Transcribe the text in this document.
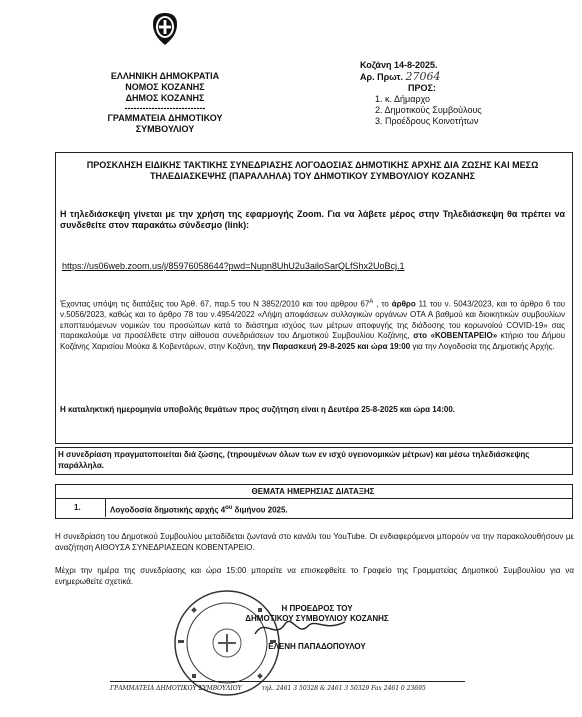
ΕΛΛΗΝΙΚΗ ΔΗΜΟΚΡΑΤΙΑ
ΝΟΜΟΣ ΚΟΖΑΝΗΣ
ΔΗΜΟΣ ΚΟΖΑΝΗΣ
---------------------------
ΓΡΑΜΜΑΤΕΙΑ ΔΗΜΟΤΙΚΟΥ
ΣΥΜΒΟΥΛΙΟΥ
Κοζάνη 14-8-2025.
Αρ. Πρωτ. 27064
ΠΡΟΣ:
1. κ. Δήμαρχο
2. Δημοτικούς Συμβούλους
3. Προέδρους Κοινοτήτων
ΠΡΟΣΚΛΗΣΗ ΕΙΔΙΚΗΣ ΤΑΚΤΙΚΗΣ ΣΥΝΕΔΡΙΑΣΗΣ ΛΟΓΟΔΟΣΙΑΣ ΔΗΜΟΤΙΚΗΣ ΑΡΧΗΣ ΔΙΑ ΖΩΣΗΣ ΚΑΙ ΜΕΣΩ ΤΗΛΕΔΙΑΣΚΕΨΗΣ (ΠΑΡΑΛΛΗΛΑ) ΤΟΥ ΔΗΜΟΤΙΚΟΥ ΣΥΜΒΟΥΛΙΟΥ ΚΟΖΑΝΗΣ
Η τηλεδιάσκεψη γίνεται με την χρήση της εφαρμογής Zoom. Για να λάβετε μέρος στην Τηλεδιάσκεψη θα πρέπει να συνδεθείτε στον παρακάτω σύνδεσμο (link):
https://us06web.zoom.us/j/85976058644?pwd=Nupn8UhU2u3ailoSarQLfShx2UoBcj.1
Έχοντας υπόψη τις διατάξεις του Άρθ. 67, παρ.5 του Ν 3852/2010 και του αρθρου $67^A$ , το άρθρο 11 του ν. 5043/2023, και το άρθρο 6 του ν.5056/2023, καθώς και το άρθρο 78 του ν.4954/2022 «Λήψη αποφάσεων συλλογικών οργάνων ΟΤΑ Α βαθμού και διοικητικών συμβουλίων εποπτευόμενων νομικών του προσώπων κατά το διάστημα ισχύος των μέτρων αποφυγής της διάδοσης του κορωνοϊού COVID-19» σας παρακαλούμε να προσέλθετε στην αίθουσα συνεδριάσεων του Δημοτικού Συμβουλίου Κοζάνης, στο «ΚΟΒΕΝΤΑΡΕΙΟ» κτήριο του Δήμου Κοζάνης Χαρισίου Μούκα & Κοβεντάρων, στην Κοζάνη, την Παρασκευή 29-8-2025 και ώρα 19:00 για την Λογοδοσία της Δημοτικής Αρχής.
Η καταληκτική ημερομηνία υποβολής θεμάτων προς συζήτηση είναι η Δευτέρα 25-8-2025 και ώρα 14:00.
Η συνεδρίαση πραγματοποιείται διά ζώσης, (τηρουμένων όλων των εν ισχύ υγειονομικών μέτρων) και μέσω τηλεδιάσκεψης παράλληλα.
ΘΕΜΑΤΑ ΗΜΕΡΗΣΙΑΣ ΔΙΑΤΑΞΗΣ
1.	Λογοδοσία δημοτικής αρχής $4^{o\upsilon}$ διμήνου 2025.
Η συνεδρίαση του Δημοτικού Συμβουλίου μεταδίδεται ζωντανά στο κανάλι του YouTube. Οι ενδιαφερόμενοι μπορούν να την παρακολουθήσουν με αναζήτηση ΑΙΘΟΥΣΑ ΣΥΝΕΔΡΙΑΣΕΩΝ ΚΟΒΕΝΤΑΡΕΙΟ.
Μέχρι την ημέρα της συνεδρίασης και ώρα 15:00 μπορείτε να επισκεφθείτε το Γραφείο της Γραμματείας Δημοτικού Συμβουλίου για να ενημερωθείτε σχετικά.
Η ΠΡΟΕΔΡΟΣ ΤΟΥ
ΔΗΜΟΤΙΚΟΥ ΣΥΜΒΟΥΛΙΟΥ ΚΟΖΑΝΗΣ
ΕΛΕΝΗ ΠΑΠΑΔΟΠΟΥΛΟΥ
ΓΡΑΜΜΑΤΕΙΑ ΔΗΜΟΤΙΚΟΥ ΣΥΜΒΟΥΛΙΟΥ	τηλ. 2461 3 50328 & 2461 3 50329 Fax 2461 0 23695
